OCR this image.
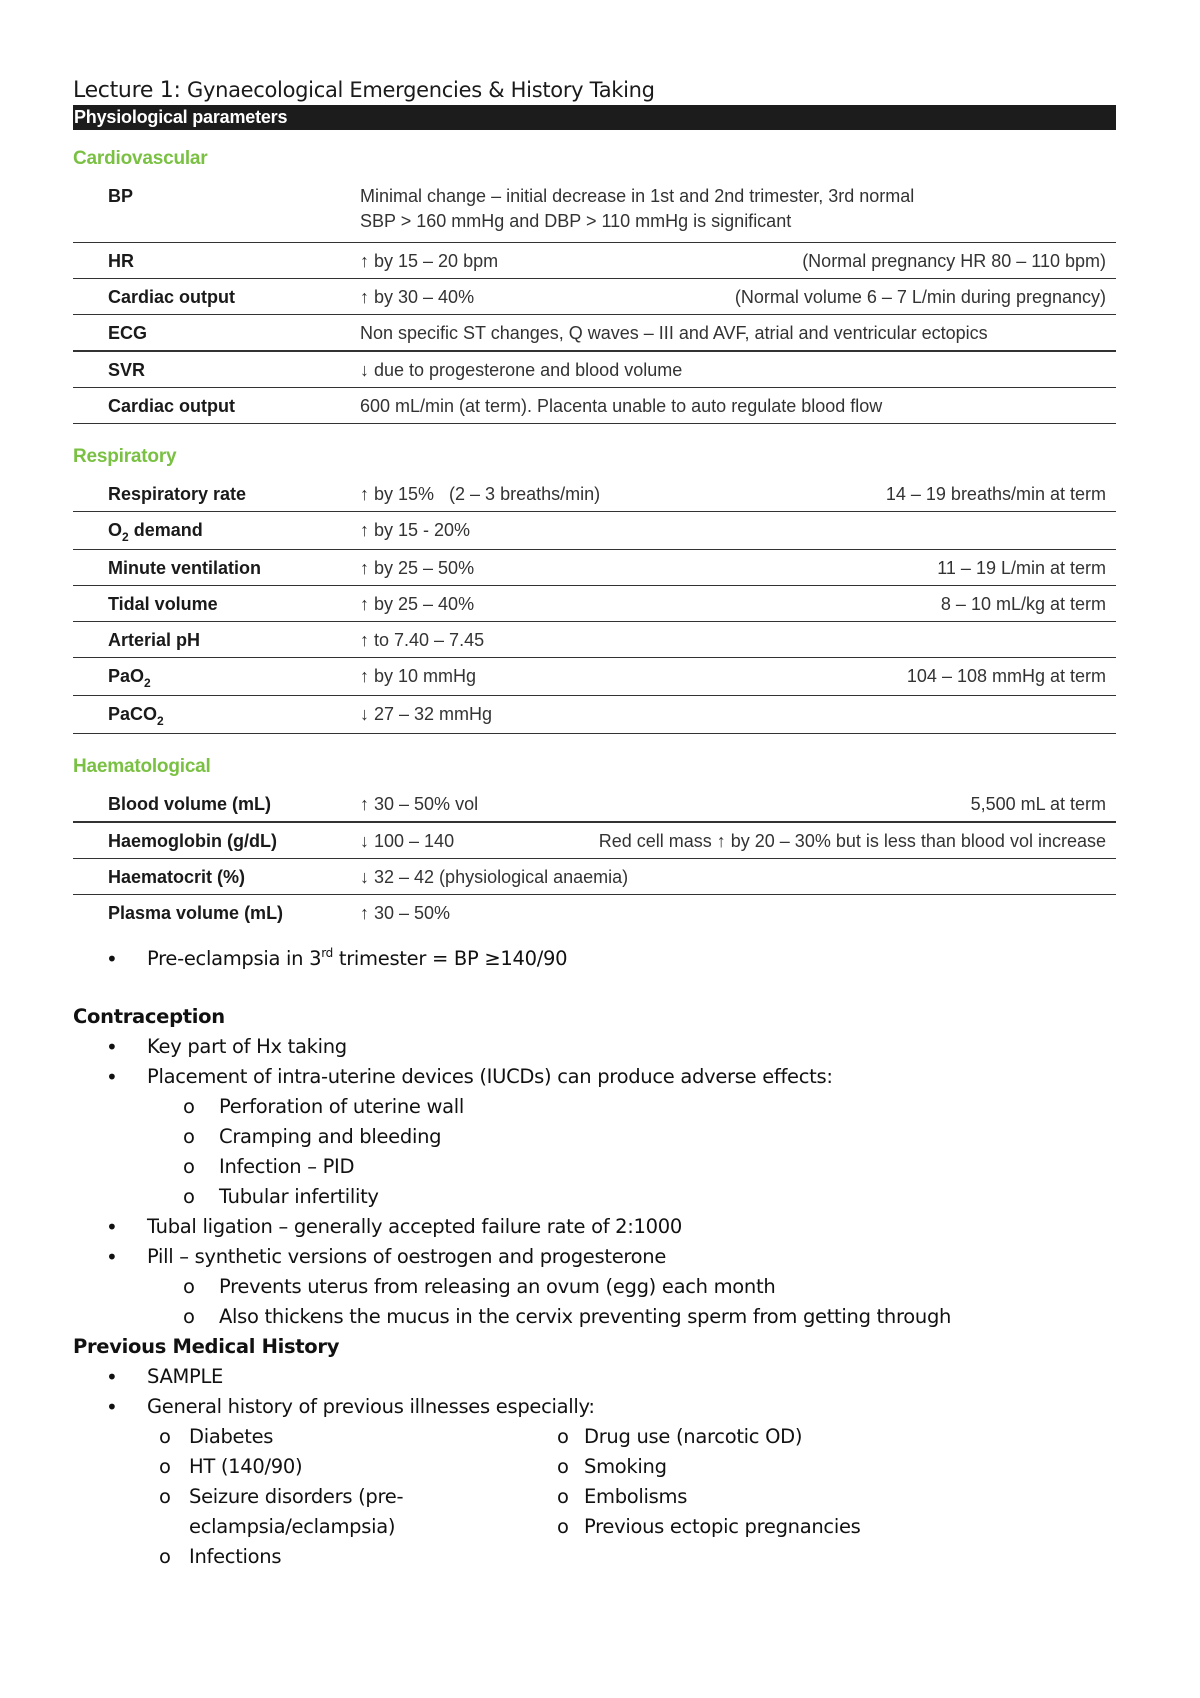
Lecture 1: Gynaecological Emergencies & History Taking
Physiological parameters
Cardiovascular
BP	Minimal change – initial decrease in 1st and 2nd trimester, 3rd normal
SBP > 160 mmHg and DBP > 110 mmHg is significant
HR	↑ by 15 – 20 bpm	(Normal pregnancy HR 80 – 110 bpm)
Cardiac output	↑ by 30 – 40%	(Normal volume 6 – 7 L/min during pregnancy)
ECG	Non specific ST changes, Q waves – III and AVF, atrial and ventricular ectopics
SVR	↓ due to progesterone and blood volume
Cardiac output	600 mL/min (at term). Placenta unable to auto regulate blood flow
Respiratory
Respiratory rate	↑ by 15%   (2 – 3 breaths/min)	14 – 19 breaths/min at term
$O_2$ demand	↑ by 15 - 20%
Minute ventilation	↑ by 25 – 50%	11 – 19 L/min at term
Tidal volume	↑ by 25 – 40%	8 – 10 mL/kg at term
Arterial pH	↑ to 7.40 – 7.45
PaO$_2$	↑ by 10 mmHg	104 – 108 mmHg at term
PaCO$_2$	↓ 27 – 32 mmHg
Haematological
Blood volume (mL)	↑ 30 – 50% vol	5,500 mL at term
Haemoglobin (g/dL)	↓ 100 – 140	Red cell mass ↑ by 20 – 30% but is less than blood vol increase
Haematocrit (%)	↓ 32 – 42 (physiological anaemia)
Plasma volume (mL)	↑ 30 – 50%
• Pre-eclampsia in 3rd trimester = BP ≥140/90
Contraception
• Key part of Hx taking
• Placement of intra-uterine devices (IUCDs) can produce adverse effects:
o Perforation of uterine wall
o Cramping and bleeding
o Infection – PID
o Tubular infertility
• Tubal ligation – generally accepted failure rate of 2:1000
• Pill – synthetic versions of oestrogen and progesterone
o Prevents uterus from releasing an ovum (egg) each month
o Also thickens the mucus in the cervix preventing sperm from getting through
Previous Medical History
• SAMPLE
• General history of previous illnesses especially:
o Diabetes
o HT (140/90)
o Seizure disorders (pre-
eclampsia/eclampsia)
o Infections
o Drug use (narcotic OD)
o Smoking
o Embolisms
o Previous ectopic pregnancies
